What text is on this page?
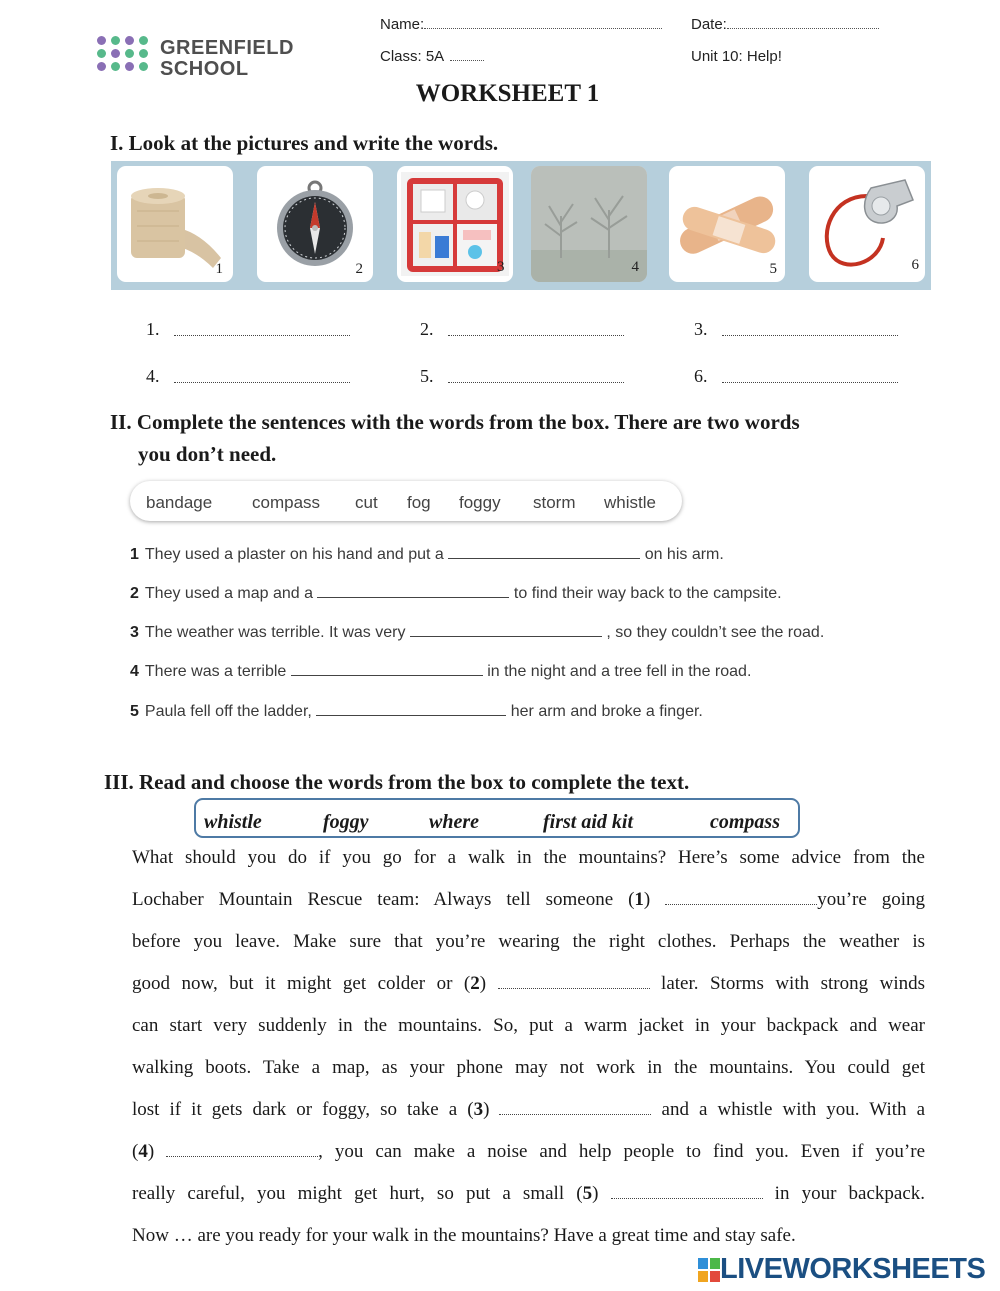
GREENFIELD
SCHOOL
Name:	Date:
Class: 5A	Unit 10: Help!
WORKSHEET 1
I. Look at the pictures and write the words.
1	2	3	4	5	6
1.	2.	3.
4.	5.	6.
II. Complete the sentences with the words from the box. There are two words
you don’t need.
bandage compass cut fog foggy storm whistle
1 They used a plaster on his hand and put a	on his arm.
2 They used a map and a	to find their way back to the campsite.
3 The weather was terrible. It was very	, so they couldn’t see the road.
4 There was a terrible	in the night and a tree fell in the road.
5 Paula fell off the ladder,	her arm and broke a finger.
III. Read and choose the words from the box to complete the text.
whistle	foggy	where	first aid kit	compass
What should you do if you go for a walk in the mountains? Here’s some advice from the
Lochaber Mountain Rescue team: Always tell someone (1)	you’re going
before you leave. Make sure that you’re wearing the right clothes. Perhaps the weather is
good now, but it might get colder or (2)	later. Storms with strong winds
can start very suddenly in the mountains. So, put a warm jacket in your backpack and wear
walking boots. Take a map, as your phone may not work in the mountains. You could get
lost if it gets dark or foggy, so take a (3)	and a whistle with you. With a
(4)	, you can make a noise and help people to find you. Even if you’re
really careful, you might get hurt, so put a small (5)	in your backpack.
Now … are you ready for your walk in the mountains? Have a great time and stay safe.
LIVEWORKSHEETS
